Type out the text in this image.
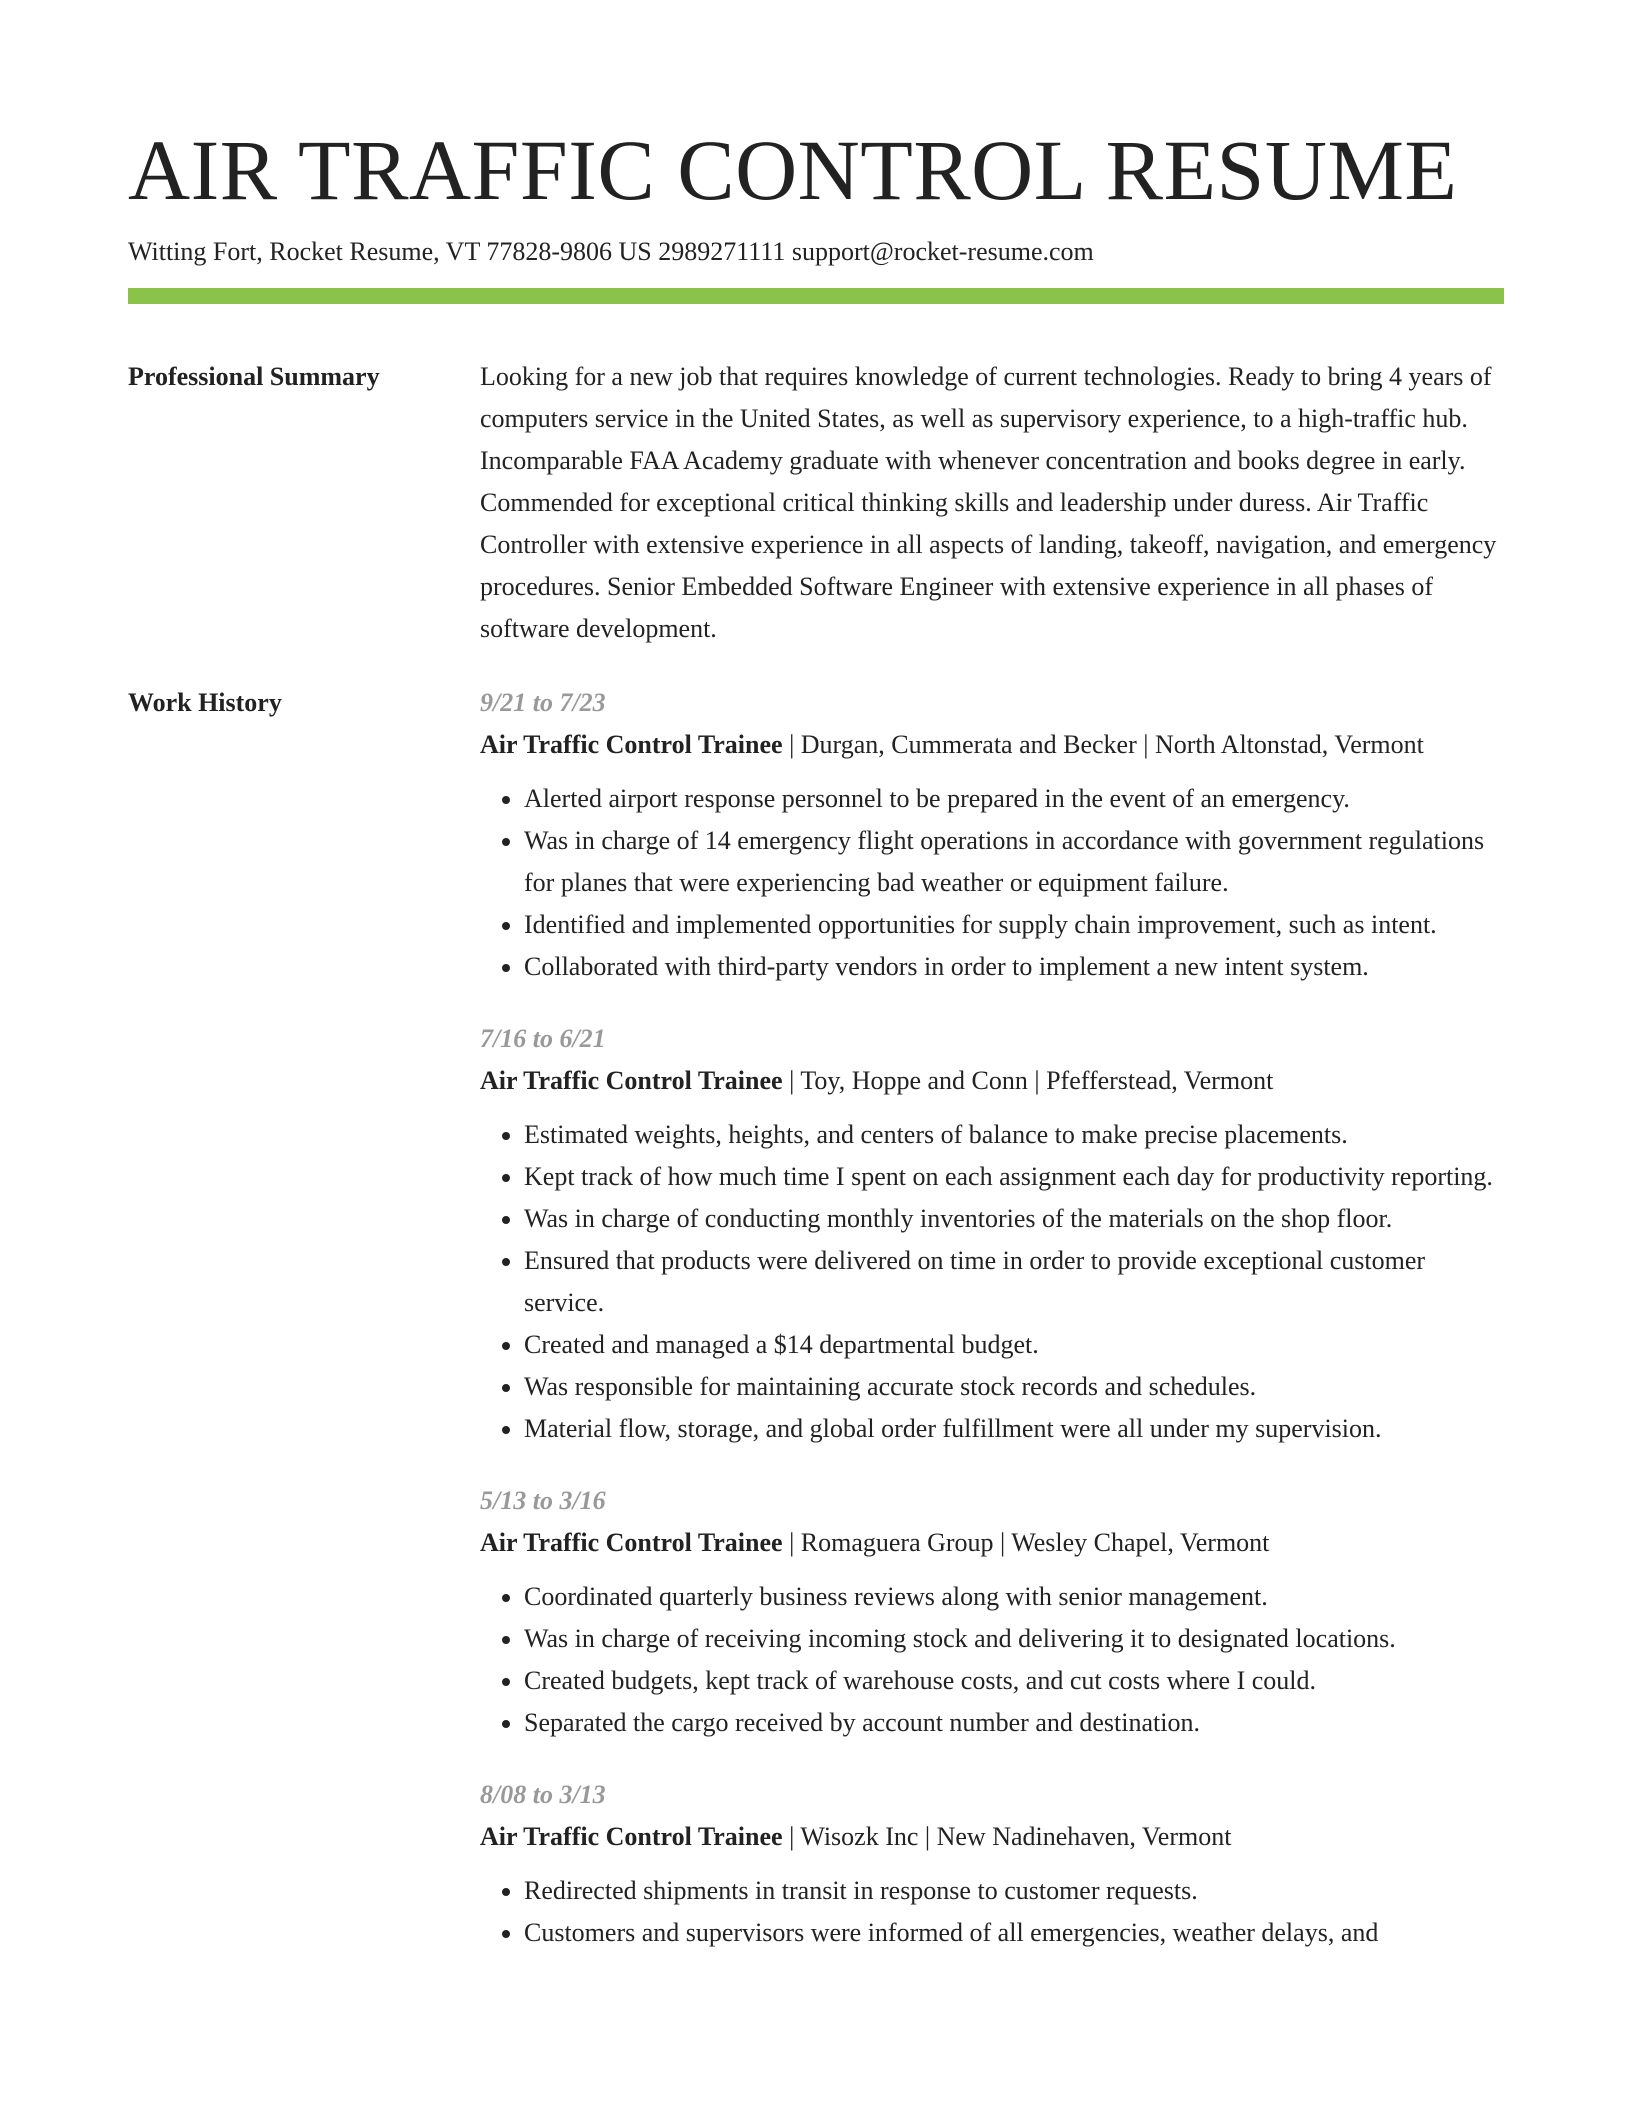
AIR TRAFFIC CONTROL RESUME
Witting Fort, Rocket Resume, VT 77828-9806 US 2989271111 support@rocket-resume.com
Professional Summary	Looking for a new job that requires knowledge of current technologies. Ready to bring 4 years of computers service in the United States, as well as supervisory experience, to a high-traffic hub. Incomparable FAA Academy graduate with whenever concentration and books degree in early. Commended for exceptional critical thinking skills and leadership under duress. Air Traffic Controller with extensive experience in all aspects of landing, takeoff, navigation, and emergency procedures. Senior Embedded Software Engineer with extensive experience in all phases of software development.

Work History	9/21 to 7/23
Air Traffic Control Trainee | Durgan, Cummerata and Becker | North Altonstad, Vermont
• Alerted airport response personnel to be prepared in the event of an emergency.
• Was in charge of 14 emergency flight operations in accordance with government regulations for planes that were experiencing bad weather or equipment failure.
• Identified and implemented opportunities for supply chain improvement, such as intent.
• Collaborated with third-party vendors in order to implement a new intent system.
7/16 to 6/21
Air Traffic Control Trainee | Toy, Hoppe and Conn | Pfefferstead, Vermont
• Estimated weights, heights, and centers of balance to make precise placements.
• Kept track of how much time I spent on each assignment each day for productivity reporting.
• Was in charge of conducting monthly inventories of the materials on the shop floor.
• Ensured that products were delivered on time in order to provide exceptional customer service.
• Created and managed a $14 departmental budget.
• Was responsible for maintaining accurate stock records and schedules.
• Material flow, storage, and global order fulfillment were all under my supervision.
5/13 to 3/16
Air Traffic Control Trainee | Romaguera Group | Wesley Chapel, Vermont
• Coordinated quarterly business reviews along with senior management.
• Was in charge of receiving incoming stock and delivering it to designated locations.
• Created budgets, kept track of warehouse costs, and cut costs where I could.
• Separated the cargo received by account number and destination.
8/08 to 3/13
Air Traffic Control Trainee | Wisozk Inc | New Nadinehaven, Vermont
• Redirected shipments in transit in response to customer requests.
• Customers and supervisors were informed of all emergencies, weather delays, and
